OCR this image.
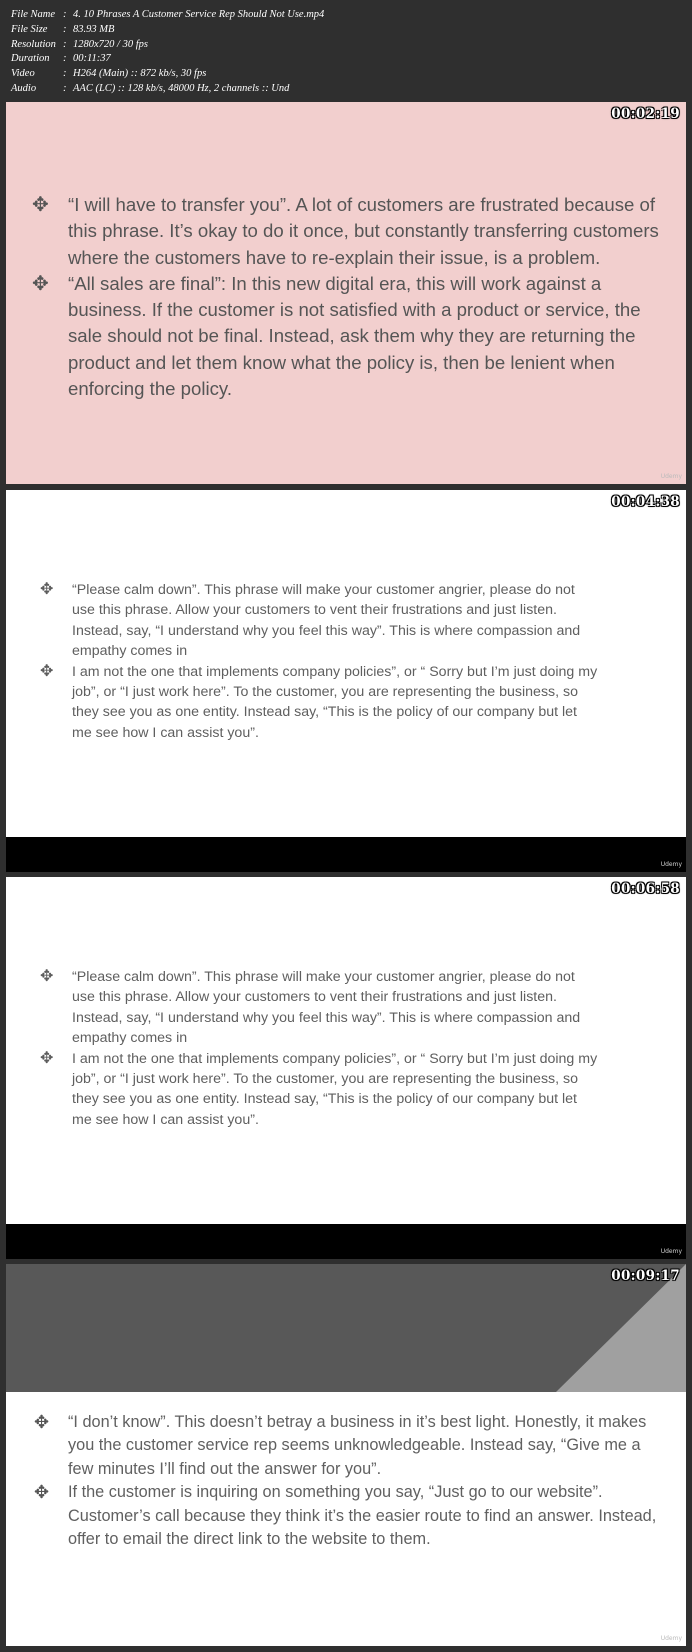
File Name : 4. 10 Phrases A Customer Service Rep Should Not Use.mp4
File Size	: 83.93 MB
Resolution : 1280x720 / 30 fps
Duration	: 00:11:37
Video	: H264 (Main) :: 872 kb/s, 30 fps
Audio	: AAC (LC) :: 128 kb/s, 48000 Hz, 2 channels :: Und
00:02:19
✥	“I will have to transfer you”. A lot of customers are frustrated because of this phrase. It’s okay to do it once, but constantly transferring customers where the customers have to re-explain their issue, is a problem.
✥	“All sales are final”: In this new digital era, this will work against a business. If the customer is not satisfied with a product or service, the sale should not be final. Instead, ask them why they are returning the product and let them know what the policy is, then be lenient when enforcing the policy.
Udemy
00:04:38
✥	“Please calm down”. This phrase will make your customer angrier, please do not use this phrase. Allow your customers to vent their frustrations and just listen. Instead, say, “I understand why you feel this way”. This is where compassion and empathy comes in
✥	I am not the one that implements company policies”, or “ Sorry but I’m just doing my job”, or “I just work here”. To the customer, you are representing the business, so they see you as one entity. Instead say, “This is the policy of our company but let me see how I can assist you”.
Udemy
00:06:58
✥	“Please calm down”. This phrase will make your customer angrier, please do not use this phrase. Allow your customers to vent their frustrations and just listen. Instead, say, “I understand why you feel this way”. This is where compassion and empathy comes in
✥	I am not the one that implements company policies”, or “ Sorry but I’m just doing my job”, or “I just work here”. To the customer, you are representing the business, so they see you as one entity. Instead say, “This is the policy of our company but let me see how I can assist you”.
Udemy
00:09:17
✥	“I don’t know”. This doesn’t betray a business in it’s best light. Honestly, it makes you the customer service rep seems unknowledgeable. Instead say, “Give me a few minutes I’ll find out the answer for you”.
✥	If the customer is inquiring on something you say, “Just go to our website”. Customer’s call because they think it’s the easier route to find an answer. Instead, offer to email the direct link to the website to them.
Udemy
